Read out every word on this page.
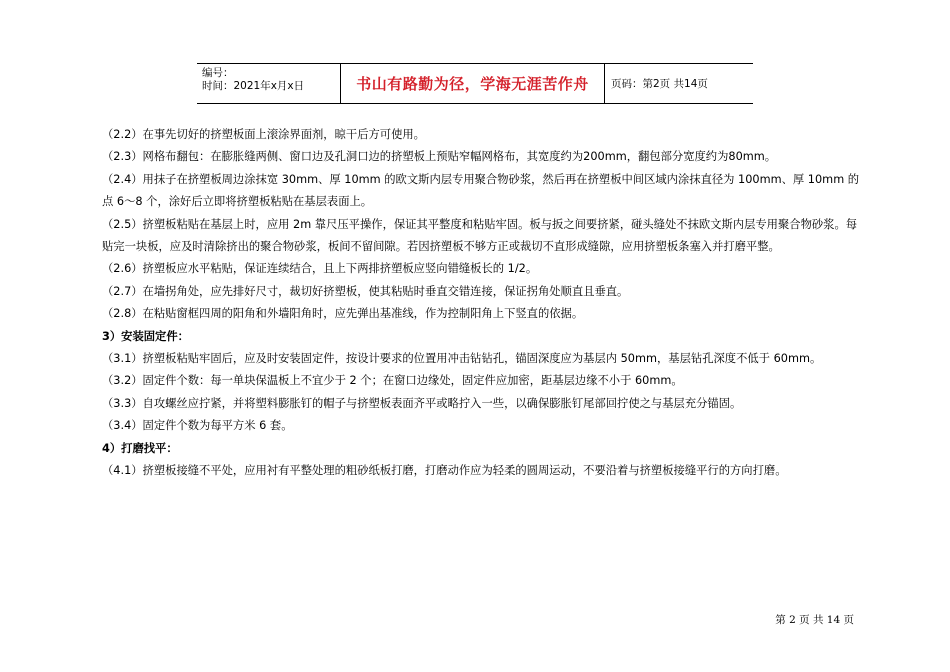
编号：
时间：2021年x月x日	书山有路勤为径，学海无涯苦作舟	页码：第2页 共14页

（2.2）在事先切好的挤塑板面上滚涂界面剂，晾干后方可使用。

（2.3）网格布翻包：在膨胀缝两侧、窗口边及孔洞口边的挤塑板上预贴窄幅网格布，其宽度约为200mm，翻包部分宽度约为80mm。

（2.4）用抹子在挤塑板周边涂抹宽 30mm、厚 10mm 的欧文斯内层专用聚合物砂浆，然后再在挤塑板中间区域内涂抹直径为 100mm、厚 10mm 的点 6～8 个，涂好后立即将挤塑板粘贴在基层表面上。

（2.5）挤塑板粘贴在基层上时，应用 2m 靠尺压平操作，保证其平整度和粘贴牢固。板与扳之间要挤紧，碰头缝处不抹欧文斯内层专用聚合物砂浆。每贴完一块板，应及时清除挤出的聚合物砂浆，板间不留间隙。若因挤塑板不够方正或裁切不直形成缝隙，应用挤塑板条塞入并打磨平整。

（2.6）挤塑板应水平粘贴，保证连续结合，且上下两排挤塑板应竖向错缝板长的 1/2。

（2.7）在墙拐角处，应先排好尺寸，裁切好挤塑板，使其粘贴时垂直交错连接，保证拐角处顺直且垂直。

（2.8）在粘贴窗框四周的阳角和外墙阳角时，应先弹出基准线，作为控制阳角上下竖直的依据。

3）安装固定件：

（3.1）挤塑板粘贴牢固后，应及时安装固定件，按设计要求的位置用冲击钻钻孔，锚固深度应为基层内 50mm，基层钻孔深度不低于 60mm。

（3.2）固定件个数：每一单块保温板上不宜少于 2 个；在窗口边缘处，固定件应加密，距基层边缘不小于 60mm。

（3.3）自攻螺丝应拧紧，并将塑料膨胀钉的帽子与挤塑板表面齐平或略拧入一些，以确保膨胀钉尾部回拧使之与基层充分锚固。

（3.4）固定件个数为每平方米 6 套。

4）打磨找平：

（4.1）挤塑板接缝不平处，应用衬有平整处理的粗砂纸板打磨，打磨动作应为轻柔的圆周运动，不要沿着与挤塑板接缝平行的方向打磨。

第 2 页 共 14 页
